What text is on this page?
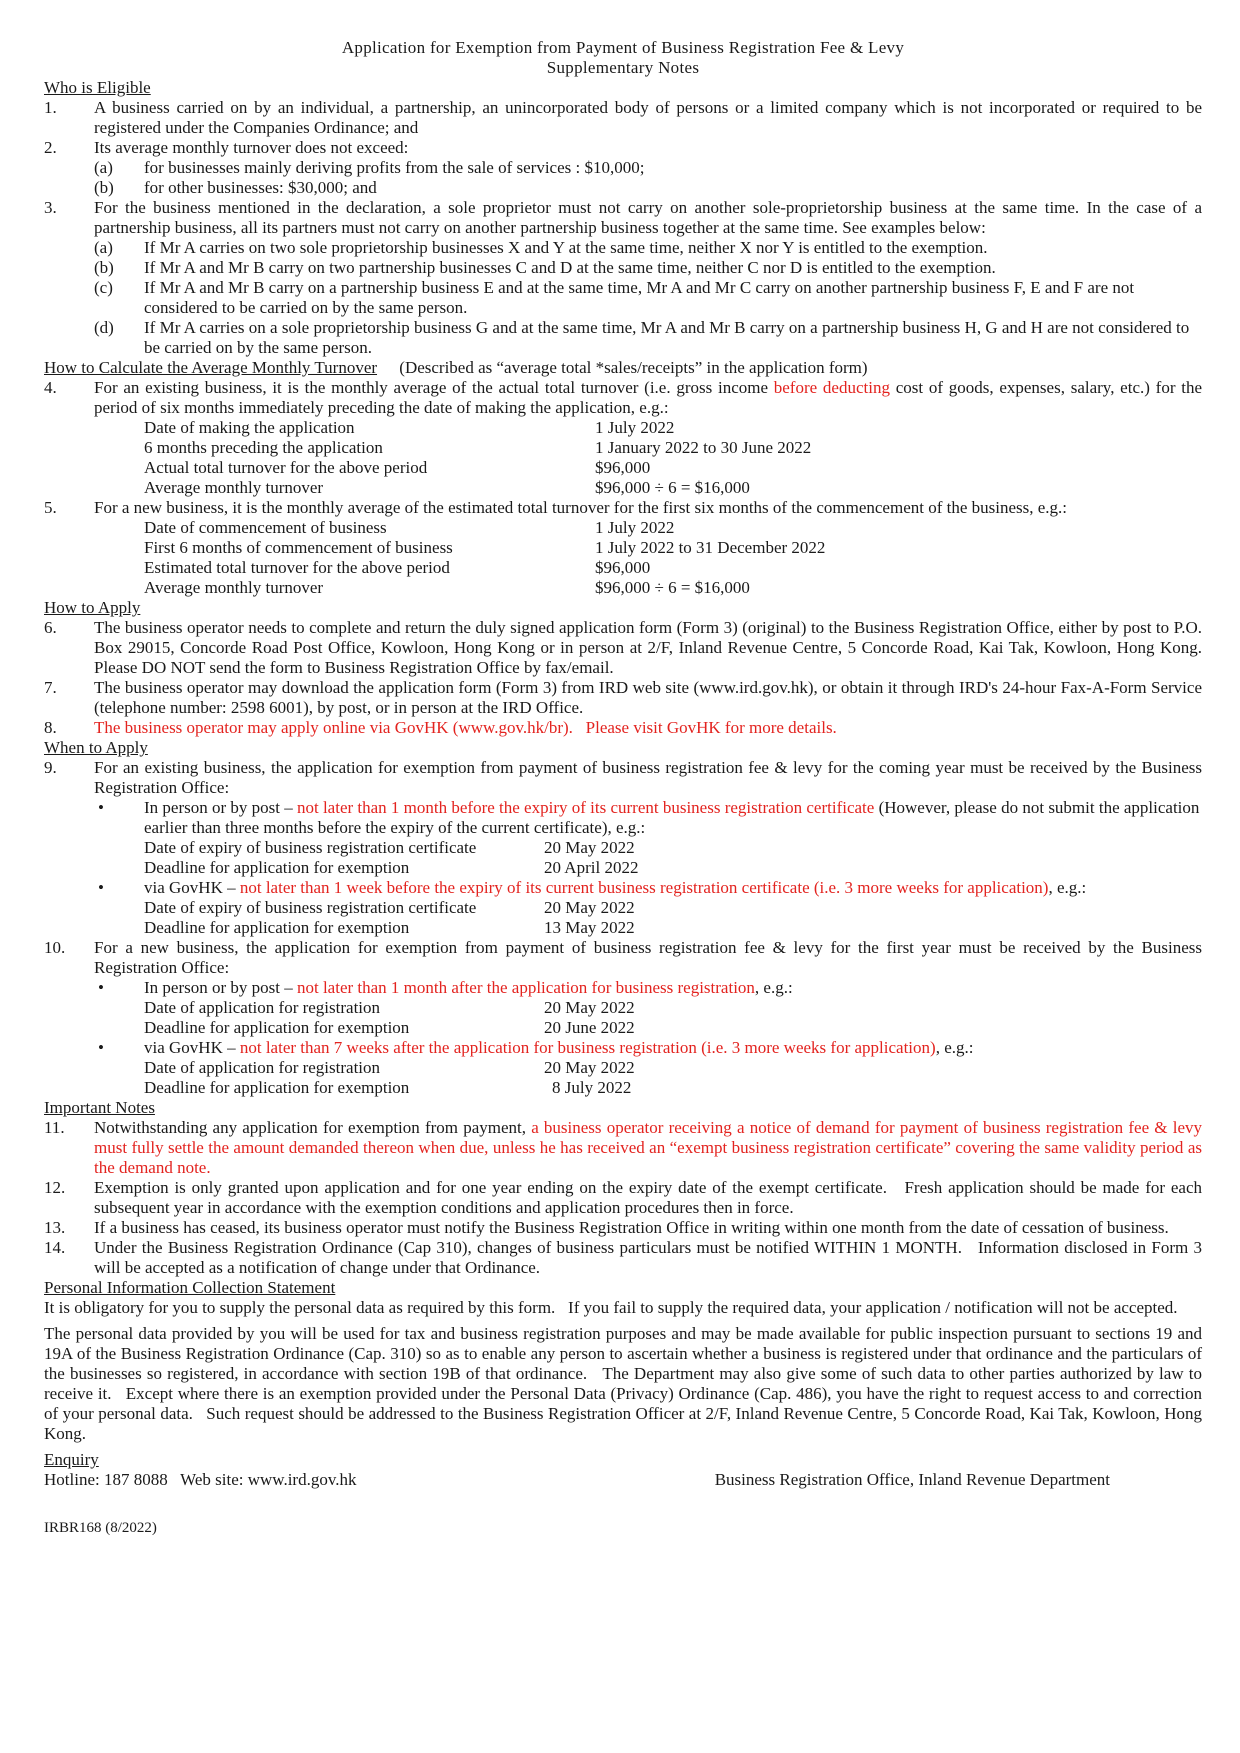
Application for Exemption from Payment of Business Registration Fee & Levy
Supplementary Notes
Who is Eligible
1.	A business carried on by an individual, a partnership, an unincorporated body of persons or a limited company which is not incorporated or required to be registered under the Companies Ordinance; and
2.	Its average monthly turnover does not exceed:
(a)	for businesses mainly deriving profits from the sale of services : $10,000;
(b)	for other businesses: $30,000; and
3.	For the business mentioned in the declaration, a sole proprietor must not carry on another sole-proprietorship business at the same time. In the case of a partnership business, all its partners must not carry on another partnership business together at the same time. See examples below:
(a)	If Mr A carries on two sole proprietorship businesses X and Y at the same time, neither X nor Y is entitled to the exemption.
(b)	If Mr A and Mr B carry on two partnership businesses C and D at the same time, neither C nor D is entitled to the exemption.
(c)	If Mr A and Mr B carry on a partnership business E and at the same time, Mr A and Mr C carry on another partnership business F, E and F are not considered to be carried on by the same person.
(d)	If Mr A carries on a sole proprietorship business G and at the same time, Mr A and Mr B carry on a partnership business H, G and H are not considered to be carried on by the same person.
How to Calculate the Average Monthly Turnover (Described as “average total *sales/receipts” in the application form)
4.	For an existing business, it is the monthly average of the actual total turnover (i.e. gross income before deducting cost of goods, expenses, salary, etc.) for the period of six months immediately preceding the date of making the application, e.g.:
Date of making the application	1 July 2022
6 months preceding the application	1 January 2022 to 30 June 2022
Actual total turnover for the above period	$96,000
Average monthly turnover	$96,000 ÷ 6 = $16,000
5.	For a new business, it is the monthly average of the estimated total turnover for the first six months of the commencement of the business, e.g.:
Date of commencement of business	1 July 2022
First 6 months of commencement of business	1 July 2022 to 31 December 2022
Estimated total turnover for the above period	$96,000
Average monthly turnover	$96,000 ÷ 6 = $16,000
How to Apply
6.	The business operator needs to complete and return the duly signed application form (Form 3) (original) to the Business Registration Office, either by post to P.O. Box 29015, Concorde Road Post Office, Kowloon, Hong Kong or in person at 2/F, Inland Revenue Centre, 5 Concorde Road, Kai Tak, Kowloon, Hong Kong.   Please DO NOT send the form to Business Registration Office by fax/email.
7.	The business operator may download the application form (Form 3) from IRD web site (www.ird.gov.hk), or obtain it through IRD's 24-hour Fax-A-Form Service (telephone number: 2598 6001), by post, or in person at the IRD Office.
8.	The business operator may apply online via GovHK (www.gov.hk/br).   Please visit GovHK for more details.
When to Apply
9.	For an existing business, the application for exemption from payment of business registration fee & levy for the coming year must be received by the Business Registration Office:
•	In person or by post – not later than 1 month before the expiry of its current business registration certificate (However, please do not submit the application earlier than three months before the expiry of the current certificate), e.g.:
Date of expiry of business registration certificate	20 May 2022
Deadline for application for exemption	20 April 2022
•	via GovHK – not later than 1 week before the expiry of its current business registration certificate (i.e. 3 more weeks for application), e.g.:
Date of expiry of business registration certificate	20 May 2022
Deadline for application for exemption	13 May 2022
10.	For a new business, the application for exemption from payment of business registration fee & levy for the first year must be received by the Business Registration Office:
•	In person or by post – not later than 1 month after the application for business registration, e.g.:
Date of application for registration	20 May 2022
Deadline for application for exemption	20 June 2022
•	via GovHK – not later than 7 weeks after the application for business registration (i.e. 3 more weeks for application), e.g.:
Date of application for registration	20 May 2022
Deadline for application for exemption	8 July 2022
Important Notes
11.	Notwithstanding any application for exemption from payment, a business operator receiving a notice of demand for payment of business registration fee & levy must fully settle the amount demanded thereon when due, unless he has received an “exempt business registration certificate” covering the same validity period as the demand note.
12.	Exemption is only granted upon application and for one year ending on the expiry date of the exempt certificate.   Fresh application should be made for each subsequent year in accordance with the exemption conditions and application procedures then in force.
13.	If a business has ceased, its business operator must notify the Business Registration Office in writing within one month from the date of cessation of business.
14.	Under the Business Registration Ordinance (Cap 310), changes of business particulars must be notified WITHIN 1 MONTH.   Information disclosed in Form 3 will be accepted as a notification of change under that Ordinance.
Personal Information Collection Statement
It is obligatory for you to supply the personal data as required by this form.   If you fail to supply the required data, your application / notification will not be accepted.
The personal data provided by you will be used for tax and business registration purposes and may be made available for public inspection pursuant to sections 19 and 19A of the Business Registration Ordinance (Cap. 310) so as to enable any person to ascertain whether a business is registered under that ordinance and the particulars of the businesses so registered, in accordance with section 19B of that ordinance.   The Department may also give some of such data to other parties authorized by law to receive it.   Except where there is an exemption provided under the Personal Data (Privacy) Ordinance (Cap. 486), you have the right to request access to and correction of your personal data.   Such request should be addressed to the Business Registration Officer at 2/F, Inland Revenue Centre, 5 Concorde Road, Kai Tak, Kowloon, Hong Kong.
Enquiry
Hotline: 187 8088   Web site: www.ird.gov.hk	Business Registration Office, Inland Revenue Department
IRBR168 (8/2022)
